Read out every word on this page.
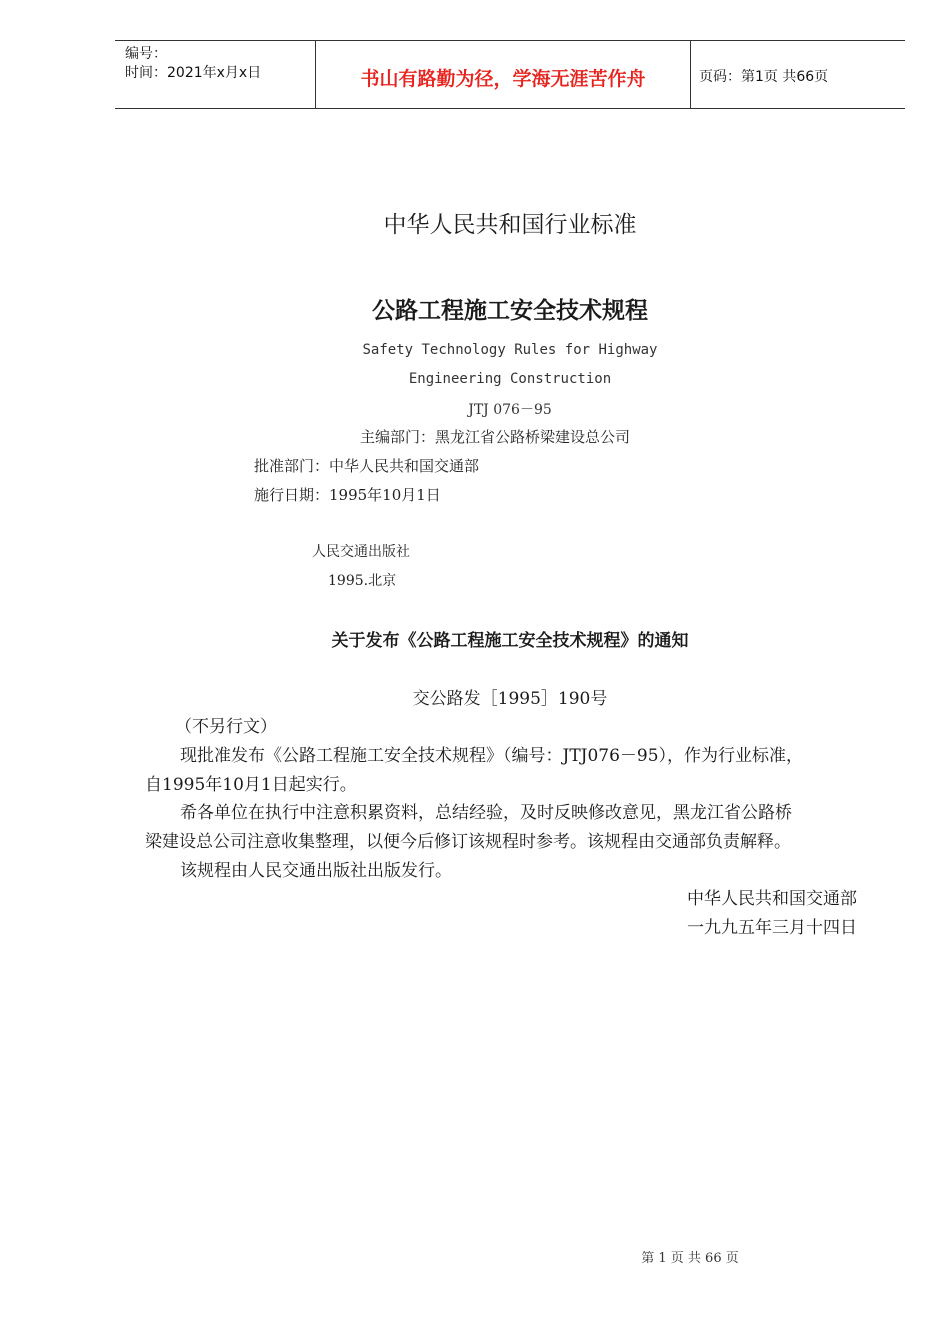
编号：
时间：2021年x月x日	书山有路勤为径，学海无涯苦作舟	页码：第1页 共66页
中华人民共和国行业标准
公路工程施工安全技术规程
Safety Technology Rules for Highway
Engineering Construction
JTJ 076－95
主编部门：黑龙江省公路桥梁建设总公司
批准部门：中华人民共和国交通部
施行日期：1995年10月1日
人民交通出版社
1995.北京
关于发布《公路工程施工安全技术规程》的通知
交公路发［1995］190号
（不另行文）
现批准发布《公路工程施工安全技术规程》（编号：JTJ076－95），作为行业标准，
自1995年10月1日起实行。
希各单位在执行中注意积累资料，总结经验，及时反映修改意见，黑龙江省公路桥
梁建设总公司注意收集整理，以便今后修订该规程时参考。该规程由交通部负责解释。
该规程由人民交通出版社出版发行。
中华人民共和国交通部
一九九五年三月十四日
第 1 页 共 66 页
